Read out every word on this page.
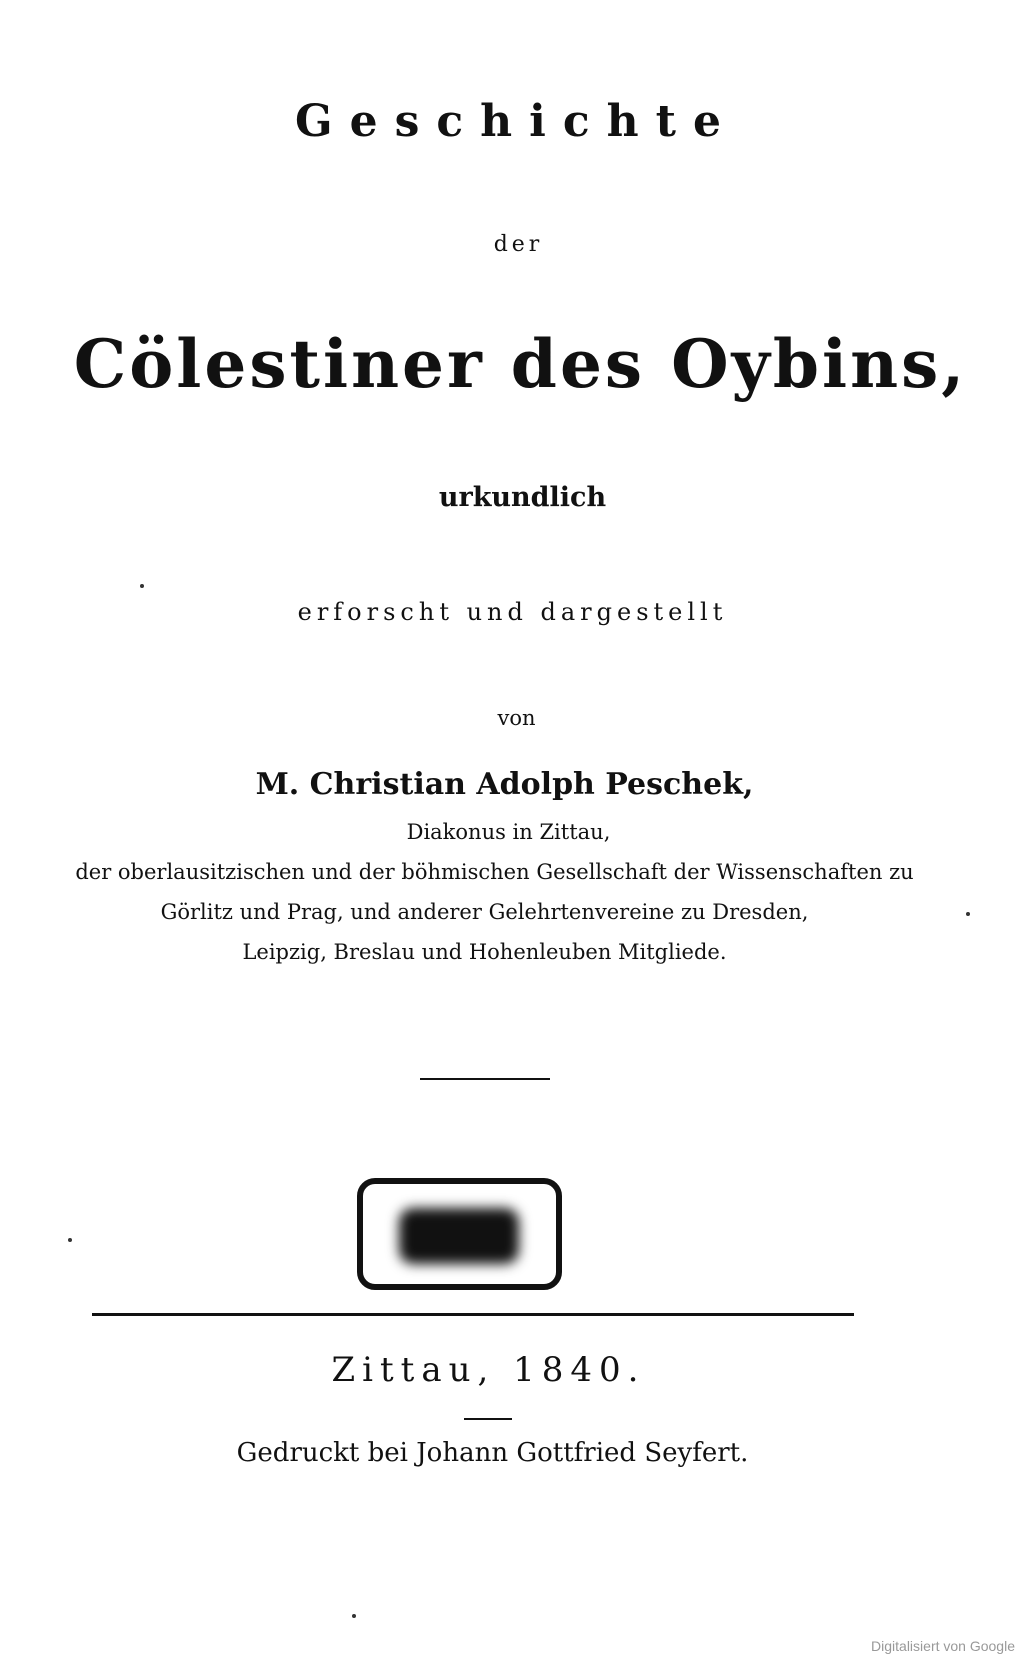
Geschichte
der
Cölestiner des Oybins,
urkundlich
erforscht und dargestellt
von
M. Christian Adolph Peschek,
Diakonus in Zittau,
der oberlausitzischen und der böhmischen Gesellschaft der Wissenschaften zu
Görlitz und Prag, und anderer Gelehrtenvereine zu Dresden,
Leipzig, Breslau und Hohenleuben Mitgliede.
Zittau, 1840.
Gedruckt bei Johann Gottfried Seyfert.
Digitalisiert von Google
